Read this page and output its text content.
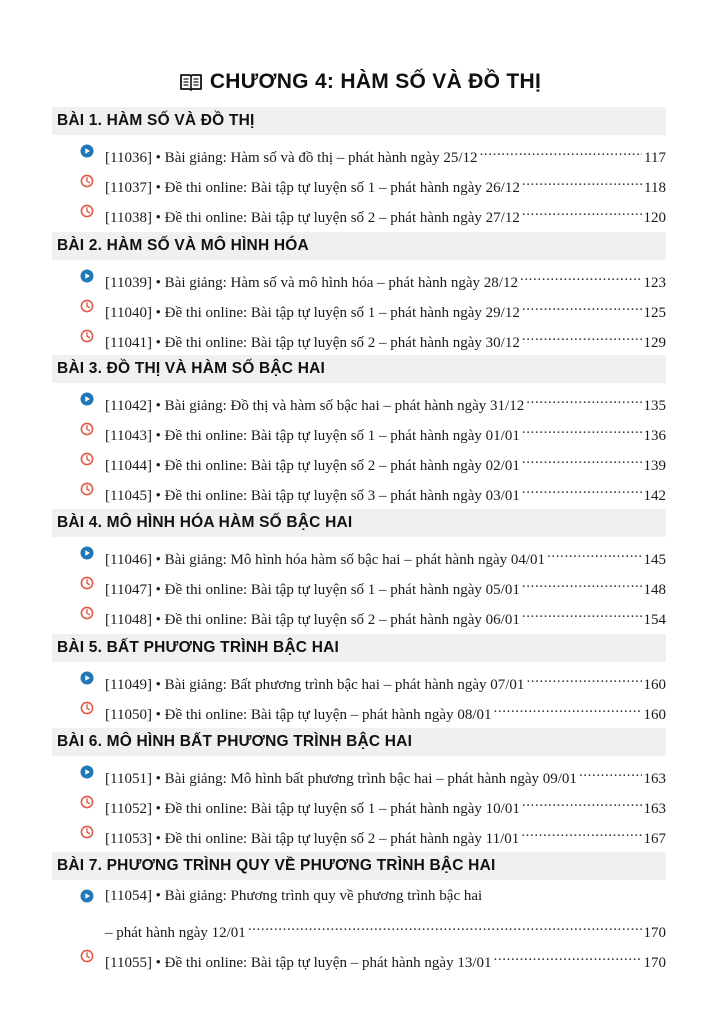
CHƯƠNG 4: HÀM SỐ VÀ ĐỒ THỊ
BÀI 1. HÀM SỐ VÀ ĐỒ THỊ
[11036] • Bài giảng: Hàm số và đồ thị – phát hành ngày 25/12 .....	117
[11037] • Đề thi online: Bài tập tự luyện số 1 – phát hành ngày 26/12 .....	118
[11038] • Đề thi online: Bài tập tự luyện số 2 – phát hành ngày 27/12 .....	120
BÀI 2. HÀM SỐ VÀ MÔ HÌNH HÓA
[11039] • Bài giảng: Hàm số và mô hình hóa – phát hành ngày 28/12 .....	123
[11040] • Đề thi online: Bài tập tự luyện số 1 – phát hành ngày 29/12 .....	125
[11041] • Đề thi online: Bài tập tự luyện số 2 – phát hành ngày 30/12 .....	129
BÀI 3. ĐỒ THỊ VÀ HÀM SỐ BẬC HAI
[11042] • Bài giảng: Đồ thị và hàm số bậc hai – phát hành ngày 31/12 .....	135
[11043] • Đề thi online: Bài tập tự luyện số 1 – phát hành ngày 01/01 .....	136
[11044] • Đề thi online: Bài tập tự luyện số 2 – phát hành ngày 02/01 .....	139
[11045] • Đề thi online: Bài tập tự luyện số 3 – phát hành ngày 03/01 .....	142
BÀI 4. MÔ HÌNH HÓA HÀM SỐ BẬC HAI
[11046] • Bài giảng: Mô hình hóa hàm số bậc hai – phát hành ngày 04/01 .....	145
[11047] • Đề thi online: Bài tập tự luyện số 1 – phát hành ngày 05/01 .....	148
[11048] • Đề thi online: Bài tập tự luyện số 2 – phát hành ngày 06/01 .....	154
BÀI 5. BẤT PHƯƠNG TRÌNH BẬC HAI
[11049] • Bài giảng: Bất phương trình bậc hai – phát hành ngày 07/01 .....	160
[11050] • Đề thi online: Bài tập tự luyện – phát hành ngày 08/01 .....	160
BÀI 6. MÔ HÌNH BẤT PHƯƠNG TRÌNH BẬC HAI
[11051] • Bài giảng: Mô hình bất phương trình bậc hai – phát hành ngày 09/01 .....	163
[11052] • Đề thi online: Bài tập tự luyện số 1 – phát hành ngày 10/01 .....	163
[11053] • Đề thi online: Bài tập tự luyện số 2 – phát hành ngày 11/01 .....	167
BÀI 7. PHƯƠNG TRÌNH QUY VỀ PHƯƠNG TRÌNH BẬC HAI
[11054] • Bài giảng: Phương trình quy về phương trình bậc hai
– phát hành ngày 12/01 .....	170
[11055] • Đề thi online: Bài tập tự luyện – phát hành ngày 13/01 .....	170
